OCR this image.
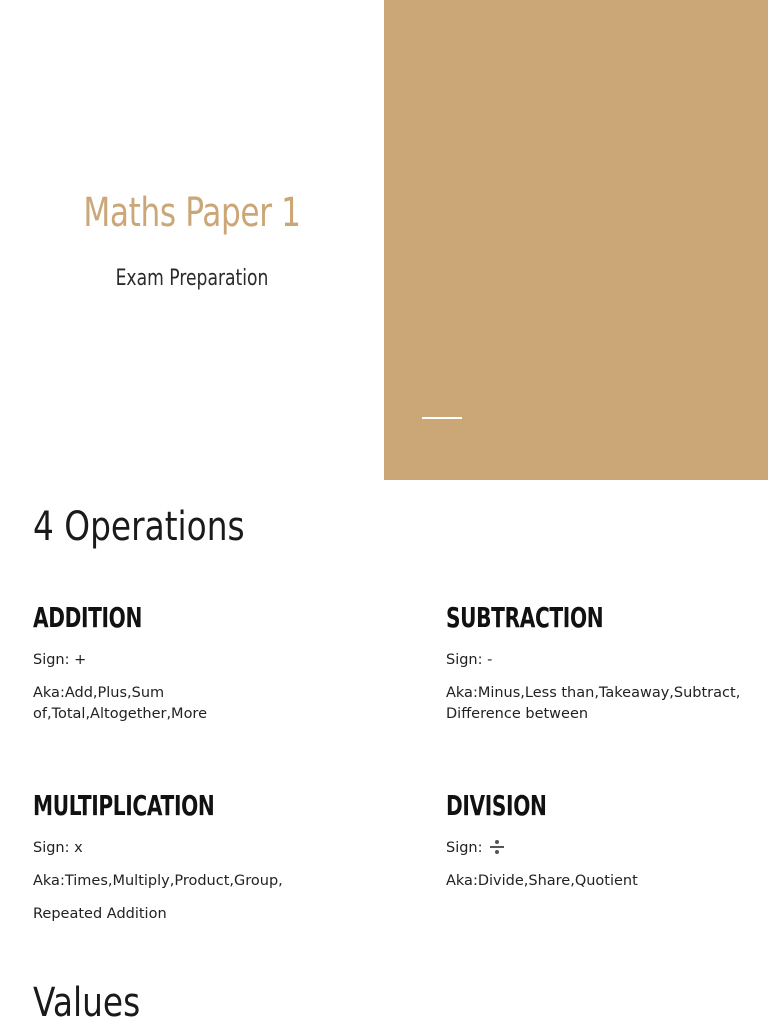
Maths Paper 1
Exam Preparation
4 Operations
ADDITION

Sign: +

Aka:Add,Plus,Sum of,Total,Altogether,More

SUBTRACTION

Sign: -

Aka:Minus,Less than,Takeaway,Subtract, Difference between

MULTIPLICATION

Sign: x

Aka:Times,Multiply,Product,Group,

Repeated Addition

DIVISION

Sign:

Aka:Divide,Share,Quotient

Values
